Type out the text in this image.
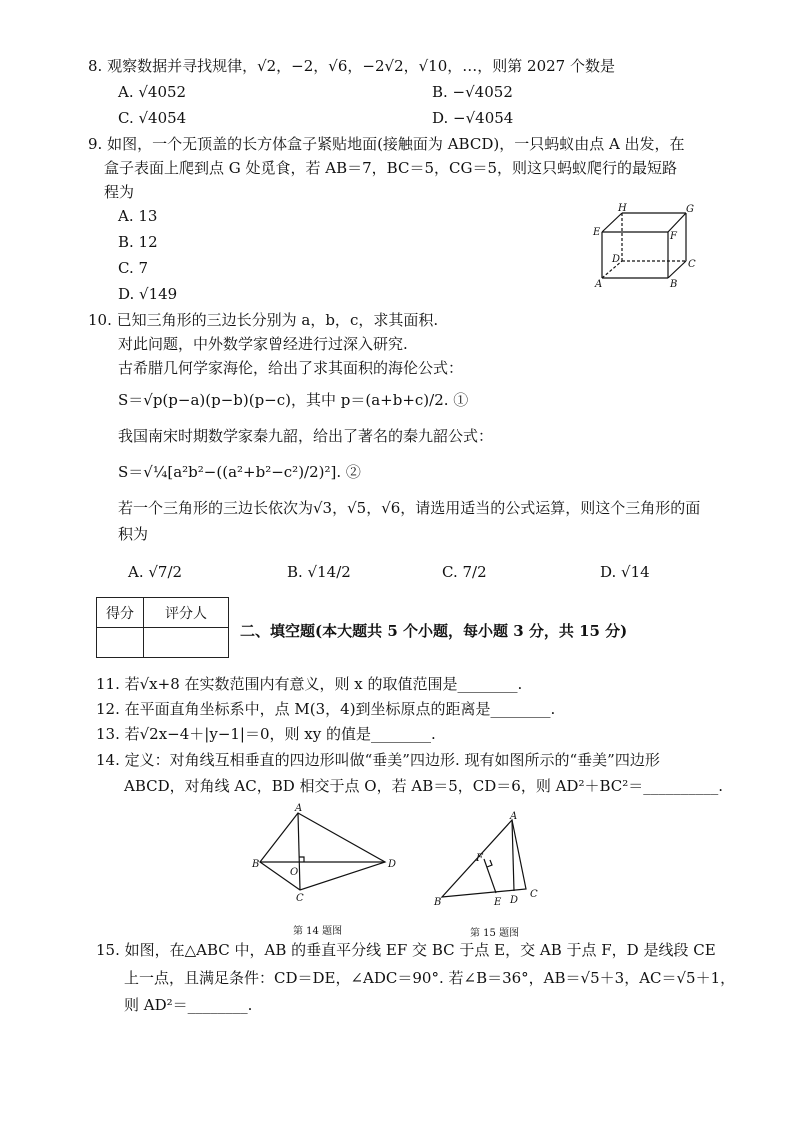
8. 观察数据并寻找规律，√2，−2，√6，−2√2，√10，…，则第 2027 个数是
A. √4052	B. −√4052
C. √4054	D. −√4054
9. 如图，一个无顶盖的长方体盒子紧贴地面(接触面为 ABCD)，一只蚂蚁由点 A 出发，在
盒子表面上爬到点 G 处觅食，若 AB＝7，BC＝5，CG＝5，则这只蚂蚁爬行的最短路
程为
A. 13
B. 12
C. 7
D. √149
H	G
E	F
D	C
A	B
10. 已知三角形的三边长分别为 a，b，c，求其面积.
对此问题，中外数学家曾经进行过深入研究.
古希腊几何学家海伦，给出了求其面积的海伦公式：
S＝√p(p−a)(p−b)(p−c)，其中 p＝(a+b+c)/2. ①
我国南宋时期数学家秦九韶，给出了著名的秦九韶公式：
S＝√¼[a²b²−((a²+b²−c²)/2)²]. ②
若一个三角形的三边长依次为√3，√5，√6，请选用适当的公式运算，则这个三角形的面
积为
A. √7/2	B. √14/2	C. 7/2	D. √14
得分	评分人

二、填空题(本大题共 5 个小题，每小题 3 分，共 15 分)
11. 若√x+8 在实数范围内有意义，则 x 的取值范围是________.
12. 在平面直角坐标系中，点 M(3，4)到坐标原点的距离是________.
13. 若√2x−4＋|y−1|＝0，则 xy 的值是________.
14. 定义：对角线互相垂直的四边形叫做“垂美”四边形. 现有如图所示的“垂美”四边形
ABCD，对角线 AC，BD 相交于点 O，若 AB＝5，CD＝6，则 AD²＋BC²＝__________.
A
B
C
D
O
第 14 题图
A
F
B	E D
C
第 15 题图
15. 如图，在△ABC 中，AB 的垂直平分线 EF 交 BC 于点 E，交 AB 于点 F，D 是线段 CE
上一点，且满足条件：CD＝DE，∠ADC＝90°. 若∠B＝36°，AB＝√5＋3，AC＝√5＋1，
则 AD²＝________.
